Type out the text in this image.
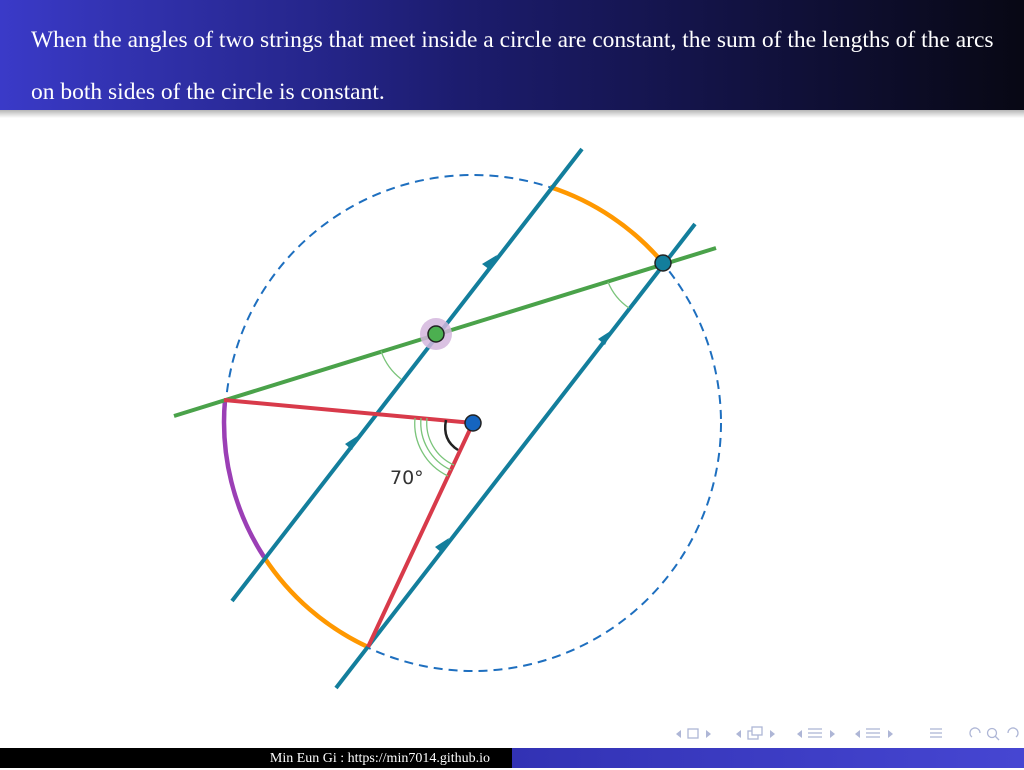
When the angles of two strings that meet inside a circle are constant, the sum of the lengths of the arcs on both sides of the circle is constant.

70°
Min Eun Gi : https://min7014.github.io
